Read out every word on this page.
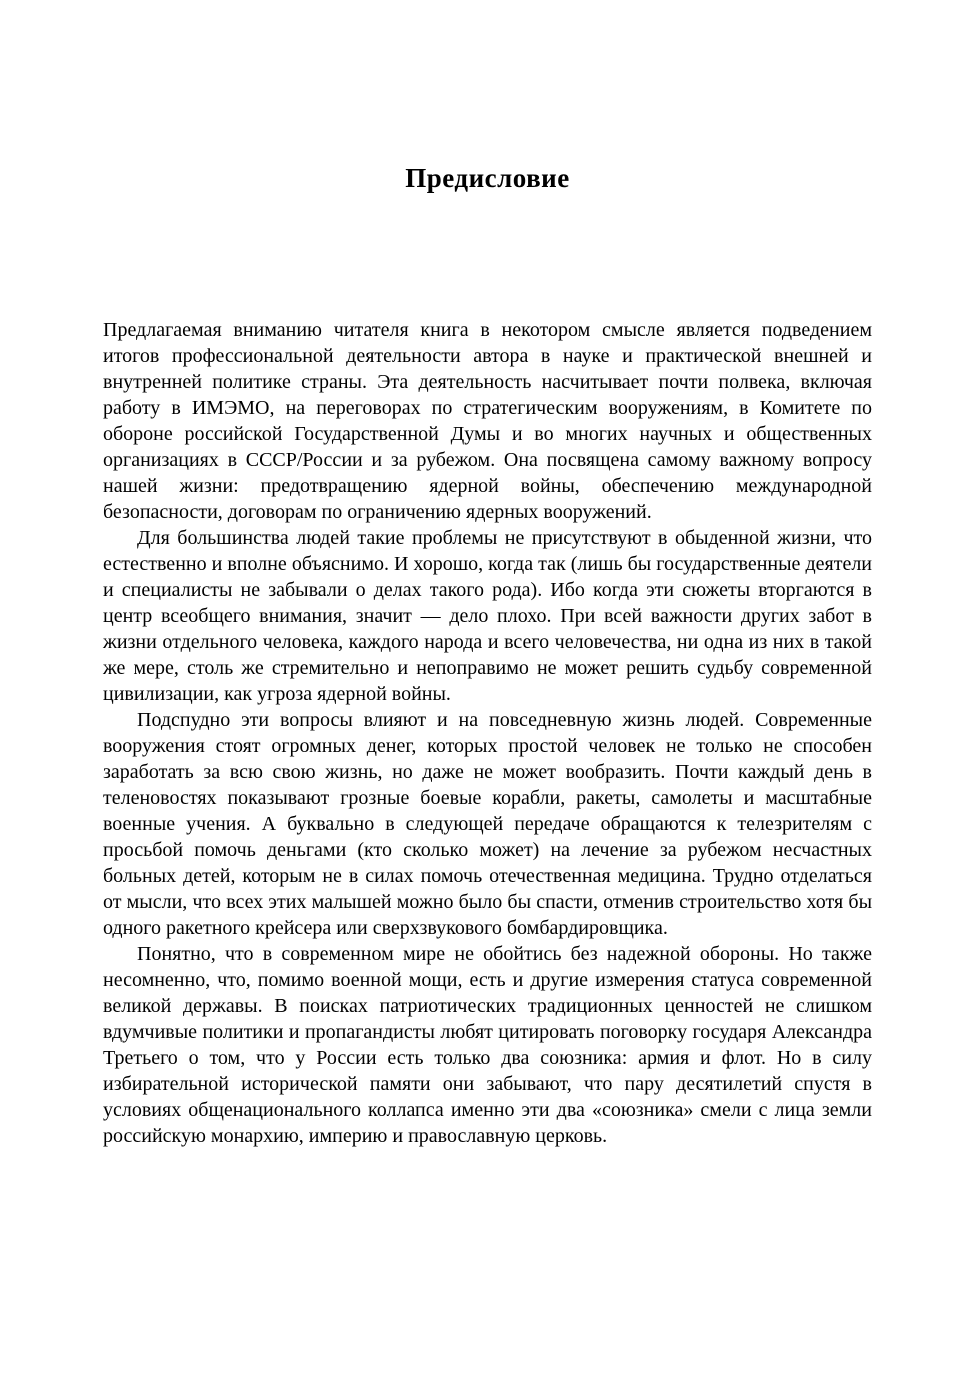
Предисловие

Предлагаемая вниманию читателя книга в некотором смысле является подведением итогов профессиональной деятельности автора в науке и практической внешней и внутренней политике страны. Эта деятельность насчитывает почти полвека, включая работу в ИМЭМО, на переговорах по стратегическим вооружениям, в Комитете по обороне российской Государственной Думы и во многих научных и общественных организациях в СССР/России и за рубежом. Она посвящена самому важному вопросу нашей жизни: предотвращению ядерной войны, обеспечению международной безопасности, договорам по ограничению ядерных вооружений.

Для большинства людей такие проблемы не присутствуют в обыденной жизни, что естественно и вполне объяснимо. И хорошо, когда так (лишь бы государственные деятели и специалисты не забывали о делах такого рода). Ибо когда эти сюжеты вторгаются в центр всеобщего внимания, значит — дело плохо. При всей важности других забот в жизни отдельного человека, каждого народа и всего человечества, ни одна из них в такой же мере, столь же стремительно и непоправимо не может решить судьбу современной цивилизации, как угроза ядерной войны.

Подспудно эти вопросы влияют и на повседневную жизнь людей. Современные вооружения стоят огромных денег, которых простой человек не только не способен заработать за всю свою жизнь, но даже не может вообразить. Почти каждый день в теленовостях показывают грозные боевые корабли, ракеты, самолеты и масштабные военные учения. А буквально в следующей передаче обращаются к телезрителям с просьбой помочь деньгами (кто сколько может) на лечение за рубежом несчастных больных детей, которым не в силах помочь отечественная медицина. Трудно отделаться от мысли, что всех этих малышей можно было бы спасти, отменив строительство хотя бы одного ракетного крейсера или сверхзвукового бомбардировщика.

Понятно, что в современном мире не обойтись без надежной обороны. Но также несомненно, что, помимо военной мощи, есть и другие измерения статуса современной великой державы. В поисках патриотических традиционных ценностей не слишком вдумчивые политики и пропагандисты любят цитировать поговорку государя Александра Третьего о том, что у России есть только два союзника: армия и флот. Но в силу избирательной исторической памяти они забывают, что пару десятилетий спустя в условиях общенационального коллапса именно эти два «союзника» смели с лица земли российскую монархию, империю и православную церковь.
